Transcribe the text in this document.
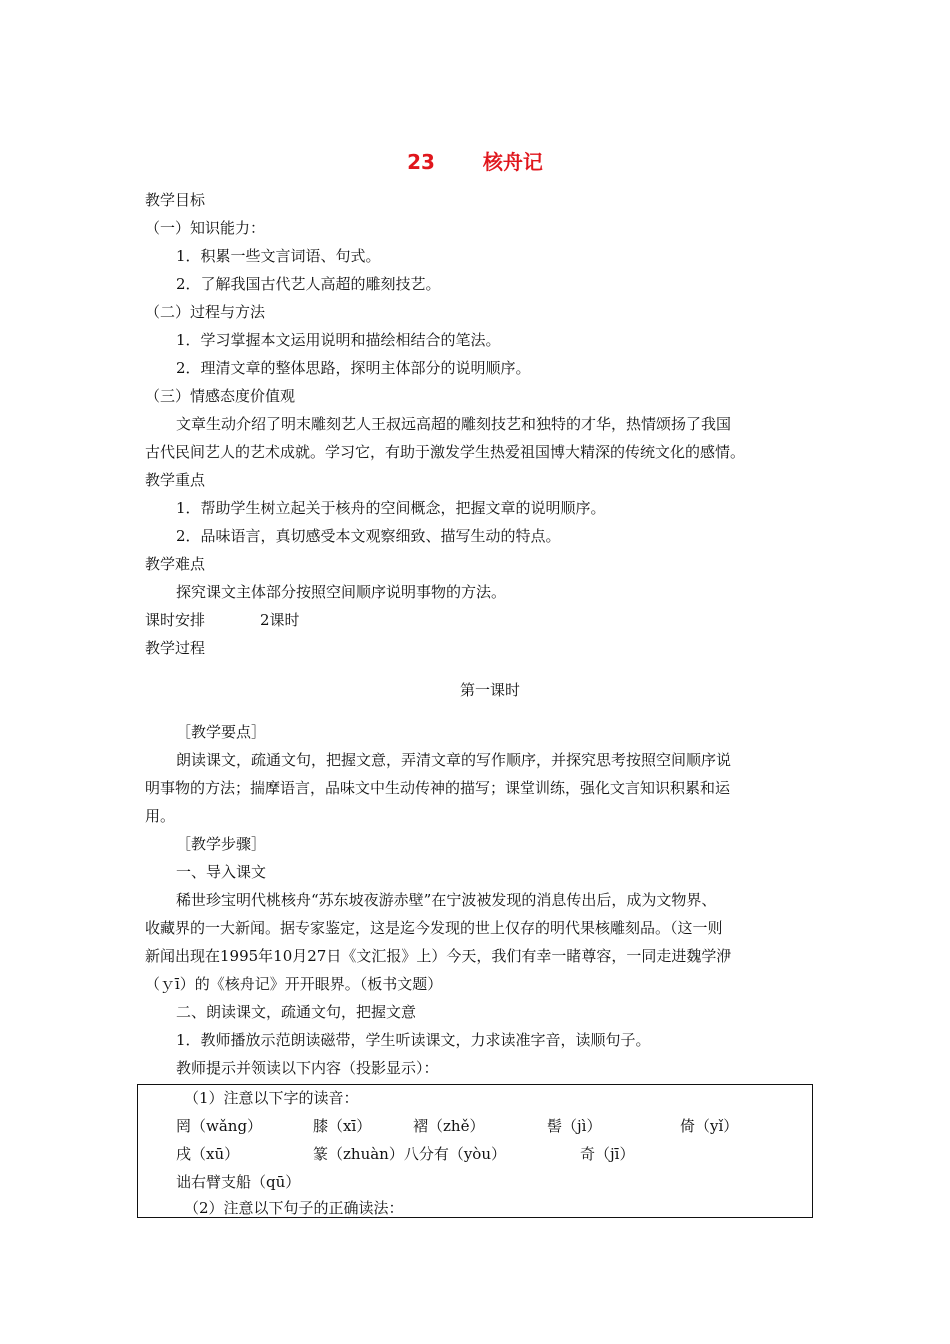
23 核舟记
教学目标
（一）知识能力：
1．积累一些文言词语、句式。
2．了解我国古代艺人高超的雕刻技艺。
（二）过程与方法
1．学习掌握本文运用说明和描绘相结合的笔法。
2．理清文章的整体思路，探明主体部分的说明顺序。
（三）情感态度价值观
文章生动介绍了明末雕刻艺人王叔远高超的雕刻技艺和独特的才华，热情颂扬了我国
古代民间艺人的艺术成就。学习它，有助于激发学生热爱祖国博大精深的传统文化的感情。
教学重点
1．帮助学生树立起关于核舟的空间概念，把握文章的说明顺序。
2．品味语言，真切感受本文观察细致、描写生动的特点。
教学难点
探究课文主体部分按照空间顺序说明事物的方法。
课时安排	2课时
教学过程
第一课时
［教学要点］
朗读课文，疏通文句，把握文意，弄清文章的写作顺序，并探究思考按照空间顺序说
明事物的方法；揣摩语言，品味文中生动传神的描写；课堂训练，强化文言知识积累和运
用。
［教学步骤］
一、导入课文
稀世珍宝明代桃核舟“苏东坡夜游赤壁”在宁波被发现的消息传出后，成为文物界、
收藏界的一大新闻。据专家鉴定，这是迄今发现的世上仅存的明代果核雕刻品。（这一则
新闻出现在1995年10月27日《文汇报》上）今天，我们有幸一睹尊容，一同走进魏学洢
（ｙī）的《核舟记》开开眼界。（板书文题）
二、朗读课文，疏通文句，把握文意
1．教师播放示范朗读磁带，学生听读课文，力求读准字音，读顺句子。
教师提示并领读以下内容（投影显示）：
（1）注意以下字的读音：
罔（wǎng）	膝（xī）	褶（zhě）	髻（jì）	倚（yǐ）
戌（xū）	篆（zhuàn）八分有（yòu）	奇（jī）
诎右臂支船（qū）
（2）注意以下句子的正确读法：
